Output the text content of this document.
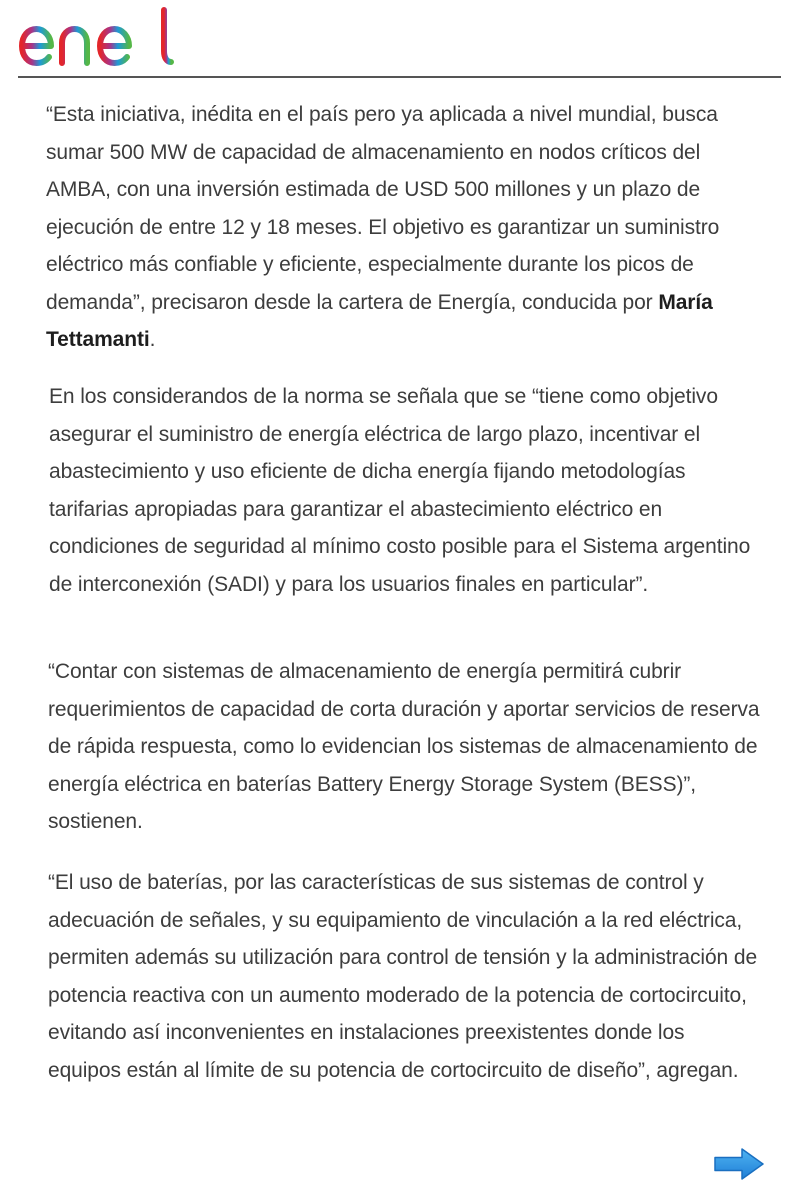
“Esta iniciativa, inédita en el país pero ya aplicada a nivel mundial, busca sumar 500 MW de capacidad de almacenamiento en nodos críticos del AMBA, con una inversión estimada de USD 500 millones y un plazo de ejecución de entre 12 y 18 meses. El objetivo es garantizar un suministro eléctrico más confiable y eficiente, especialmente durante los picos de demanda”, precisaron desde la cartera de Energía, conducida por María Tettamanti.

En los considerandos de la norma se señala que se “tiene como objetivo asegurar el suministro de energía eléctrica de largo plazo, incentivar el abastecimiento y uso eficiente de dicha energía fijando metodologías tarifarias apropiadas para garantizar el abastecimiento eléctrico en condiciones de seguridad al mínimo costo posible para el Sistema argentino de interconexión (SADI) y para los usuarios finales en particular”.

“Contar con sistemas de almacenamiento de energía permitirá cubrir requerimientos de capacidad de corta duración y aportar servicios de reserva de rápida respuesta, como lo evidencian los sistemas de almacenamiento de energía eléctrica en baterías Battery Energy Storage System (BESS)”, sostienen.

“El uso de baterías, por las características de sus sistemas de control y adecuación de señales, y su equipamiento de vinculación a la red eléctrica, permiten además su utilización para control de tensión y la administración de potencia reactiva con un aumento moderado de la potencia de cortocircuito, evitando así inconvenientes en instalaciones preexistentes donde los equipos están al límite de su potencia de cortocircuito de diseño”, agregan.
